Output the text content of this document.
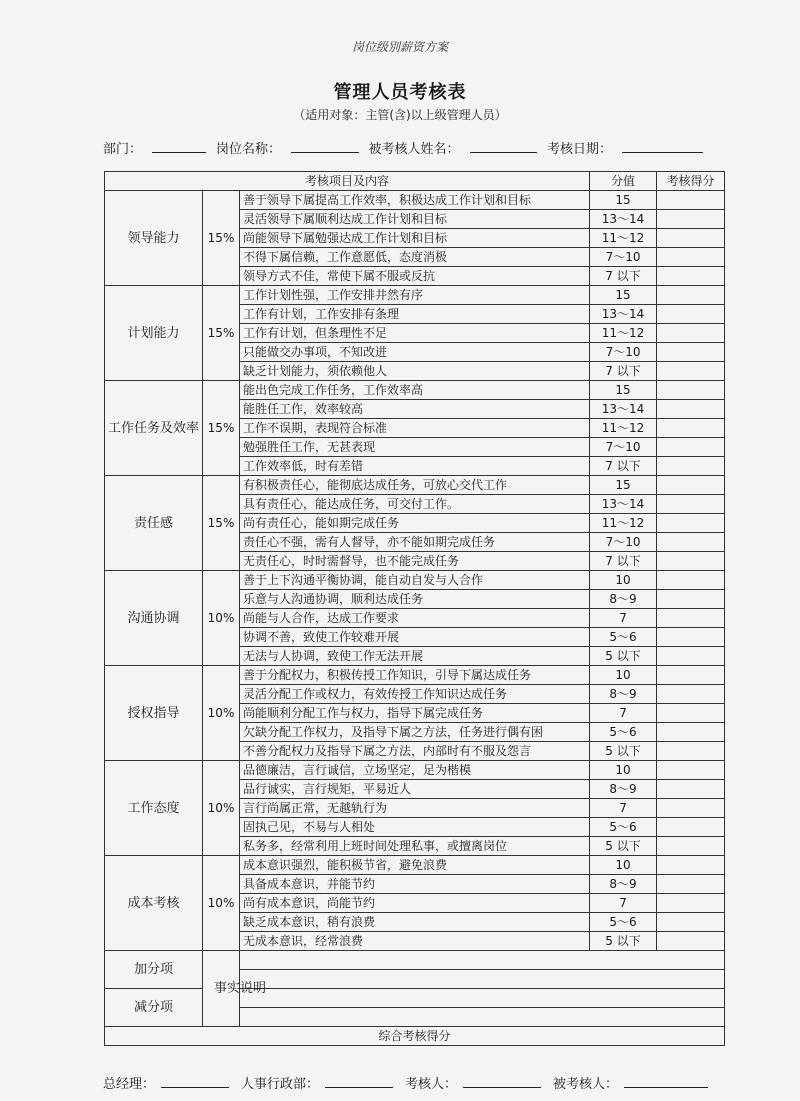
岗位级别薪资方案
管理人员考核表
（适用对象：主管(含)以上级管理人员）
部门：	岗位名称：	被考核人姓名：	考核日期：
考核项目及内容			分值	考核得分
领导能力	15%	善于领导下属提高工作效率，积极达成工作计划和目标	15	
		灵活领导下属顺利达成工作计划和目标	13～14	
		尚能领导下属勉强达成工作计划和目标	11～12	
		不得下属信赖，工作意愿低，态度消极	7～10	
		领导方式不佳，常使下属不服或反抗	7 以下	
计划能力	15%	工作计划性强，工作安排井然有序	15	
		工作有计划，工作安排有条理	13～14	
		工作有计划，但条理性不足	11～12	
		只能做交办事项，不知改进	7～10	
		缺乏计划能力，须依赖他人	7 以下	
工作任务及效率	15%	能出色完成工作任务，工作效率高	15	
		能胜任工作，效率较高	13～14	
		工作不误期，表现符合标准	11～12	
		勉强胜任工作，无甚表现	7～10	
		工作效率低，时有差错	7 以下	
责任感	15%	有积极责任心，能彻底达成任务，可放心交代工作	15	
		具有责任心，能达成任务，可交付工作。	13～14	
		尚有责任心，能如期完成任务	11～12	
		责任心不强，需有人督导，亦不能如期完成任务	7～10	
		无责任心，时时需督导，也不能完成任务	7 以下	
沟通协调	10%	善于上下沟通平衡协调，能自动自发与人合作	10	
		乐意与人沟通协调，顺利达成任务	8～9	
		尚能与人合作，达成工作要求	7	
		协调不善，致使工作较难开展	5～6	
		无法与人协调，致使工作无法开展	5 以下	
授权指导	10%	善于分配权力，积极传授工作知识，引导下属达成任务	10	
		灵活分配工作或权力，有效传授工作知识达成任务	8～9	
		尚能顺利分配工作与权力，指导下属完成任务	7	
		欠缺分配工作权力，及指导下属之方法，任务进行偶有困	5～6	
		不善分配权力及指导下属之方法，内部时有不服及怨言	5 以下	
工作态度	10%	品德廉洁，言行诚信，立场坚定，足为楷模	10	
		品行诚实，言行规矩，平易近人	8～9	
		言行尚属正常，无越轨行为	7	
		固执己见，不易与人相处	5～6	
		私务多，经常利用上班时间处理私事，或擅离岗位	5 以下	
成本考核	10%	成本意识强烈，能积极节省，避免浪费	10	
		具备成本意识，并能节约	8～9	
		尚有成本意识，尚能节约	7	
		缺乏成本意识，稍有浪费	5～6	
		无成本意识，经常浪费	5 以下	
加分项	事实说明			

减分项				

综合考核得分				
总经理：	人事行政部：	考核人：	被考核人：
